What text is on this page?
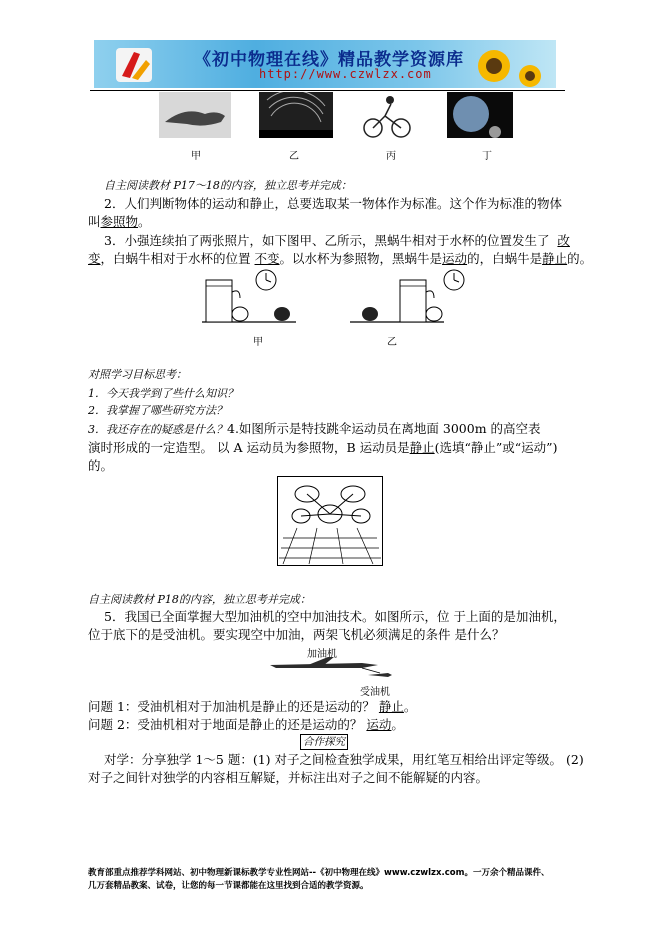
《初中物理在线》精品教学资源库
http://www.czwlzx.com
甲	乙	丙	丁
自主阅读教材 P17～18的内容，独立思考并完成：
2．人们判断物体的运动和静止，总要选取某一物体作为标准。这个作为标准的物体
叫参照物。
3．小强连续拍了两张照片，如下图甲、乙所示，黑蜗牛相对于水杯的位置发生了 改
变，白蜗牛相对于水杯的位置 不变。以水杯为参照物，黑蜗牛是运动的，白蜗牛是静止的。
甲	乙
对照学习目标思考：
1．今天我学到了些什么知识？
2．我掌握了哪些研究方法？
3．我还存在的疑惑是什么？4.如图所示是特技跳伞运动员在离地面 3000m 的高空表
演时形成的一定造型。 以 A 运动员为参照物，B 运动员是静止(选填“静止”或“运动”)
的。
自主阅读教材 P18的内容，独立思考并完成：
5．我国已全面掌握大型加油机的空中加油技术。如图所示，位 于上面的是加油机，
位于底下的是受油机。要实现空中加油，两架飞机必须满足的条件 是什么？
加油机
受油机
问题 1：受油机相对于加油机是静止的还是运动的？ 静止。
问题 2：受油机相对于地面是静止的还是运动的？ 运动。
合作探究
对学：分享独学 1～5 题：(1) 对子之间检查独学成果，用红笔互相给出评定等级。 (2)
对子之间针对独学的内容相互解疑，并标注出对子之间不能解疑的内容。
教育部重点推荐学科网站、初中物理新课标教学专业性网站--《初中物理在线》www.czwlzx.com。一万余个精品课件、
几万套精品教案、试卷，让您的每一节课都能在这里找到合适的教学资源。
